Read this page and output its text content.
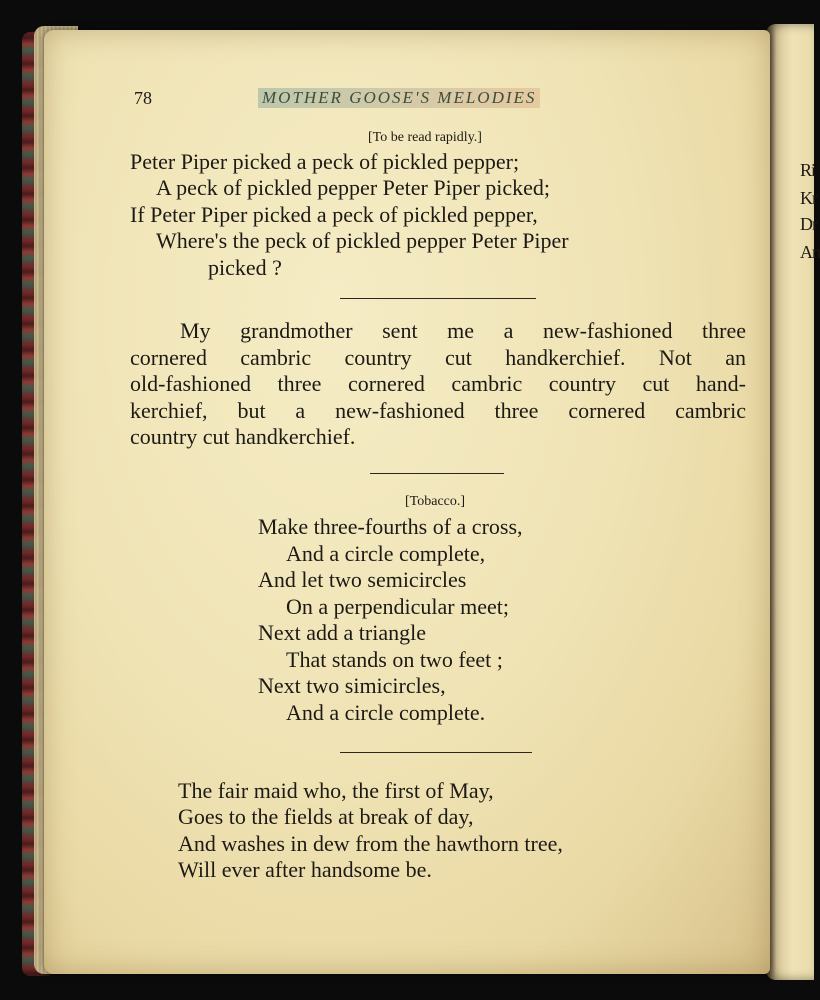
Ri
Kr
Dr
An
78	MOTHER GOOSE'S MELODIES
[To be read rapidly.]
Peter Piper picked a peck of pickled pepper;
A peck of pickled pepper Peter Piper picked;
If Peter Piper picked a peck of pickled pepper,
Where's the peck of pickled pepper Peter Piper
picked ?
My grandmother sent me a new-fashioned three
cornered cambric country cut handkerchief. Not an
old-fashioned three cornered cambric country cut hand-
kerchief, but a new-fashioned three cornered cambric
country cut handkerchief.
[Tobacco.]
Make three-fourths of a cross,
And a circle complete,
And let two semicircles
On a perpendicular meet;
Next add a triangle
That stands on two feet ;
Next two simicircles,
And a circle complete.
The fair maid who, the first of May,
Goes to the fields at break of day,
And washes in dew from the hawthorn tree,
Will ever after handsome be.
